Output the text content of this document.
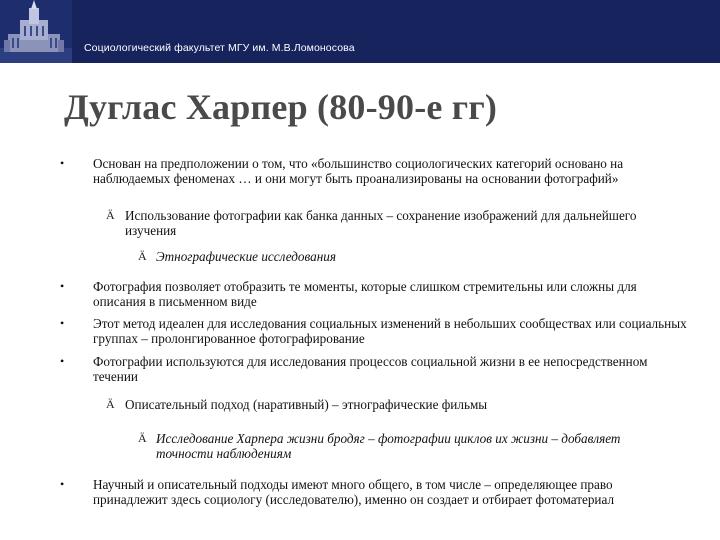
Социологический факультет МГУ им. М.В.Ломоносова
Дуглас Харпер (80-90-е гг)
• Основан на предположении о том, что «большинство социологических категорий основано на наблюдаемых феноменах … и они могут быть проанализированы на основании фотографий»
Ä Использование фотографии как банка данных – сохранение изображений для дальнейшего изучения
Ä Этнографические исследования
• Фотография позволяет отобразить те моменты, которые слишком стремительны или сложны для описания в письменном виде
• Этот метод идеален для исследования социальных изменений в небольших сообществах или социальных группах – пролонгированное фотографирование
• Фотографии используются для исследования процессов социальной жизни в ее непосредственном течении
Ä Описательный подход (наративный) – этнографические фильмы
Ä Исследование Харпера жизни бродяг – фотографии циклов их жизни – добавляет точности наблюдениям
• Научный и описательный подходы имеют много общего, в том числе – определяющее право принадлежит здесь социологу (исследователю), именно он создает и отбирает фотоматериал
